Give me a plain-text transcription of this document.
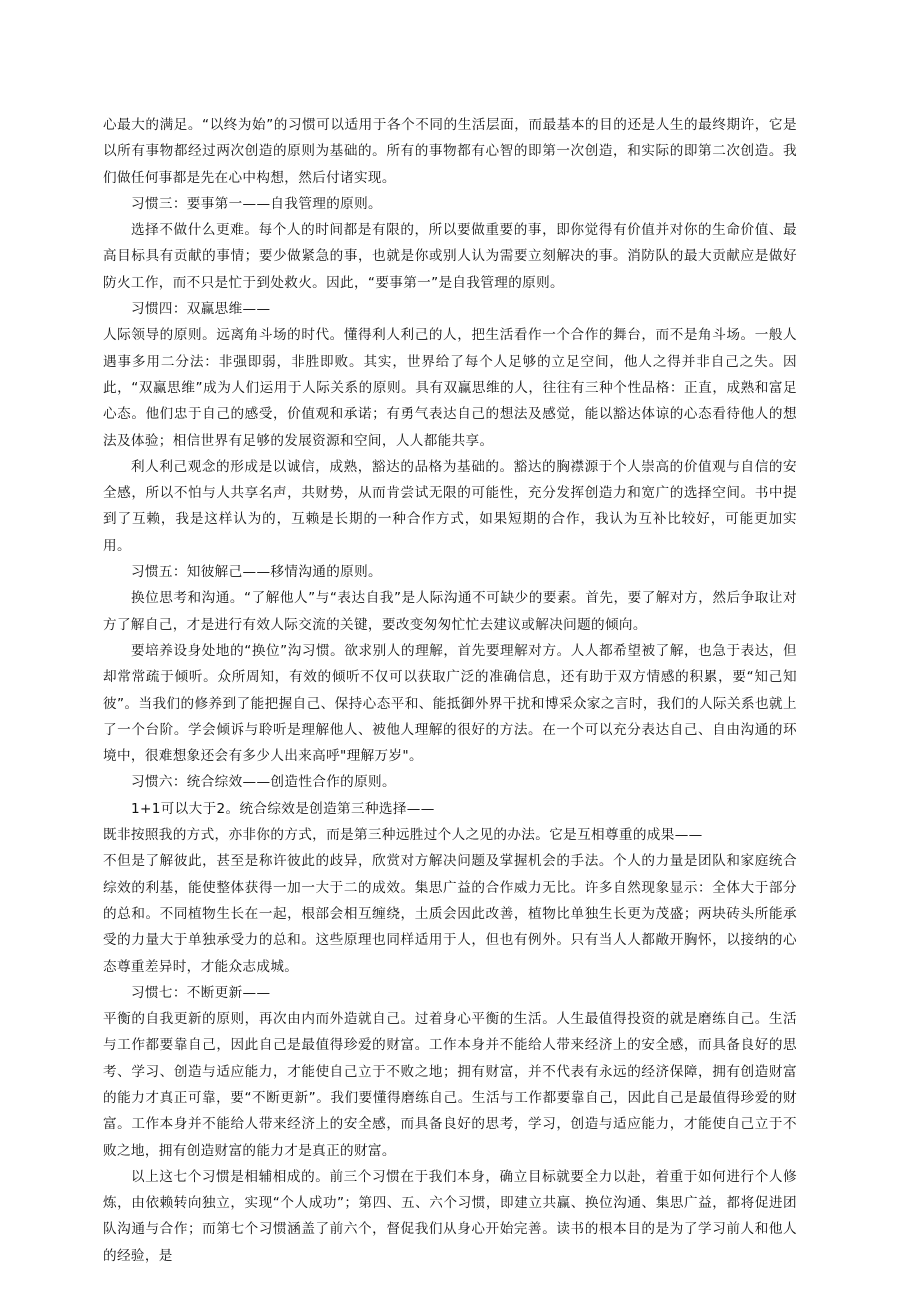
心最大的满足。“以终为始”的习惯可以适用于各个不同的生活层面，而最基本的目的还是人生的最终期许，它是以所有事物都经过两次创造的原则为基础的。所有的事物都有心智的即第一次创造，和实际的即第二次创造。我们做任何事都是先在心中构想，然后付诸实现。

习惯三：要事第一——自我管理的原则。

选择不做什么更难。每个人的时间都是有限的，所以要做重要的事，即你觉得有价值并对你的生命价值、最高目标具有贡献的事情；要少做紧急的事，也就是你或别人认为需要立刻解决的事。消防队的最大贡献应是做好防火工作，而不只是忙于到处救火。因此，“要事第一”是自我管理的原则。

习惯四：双赢思维——

人际领导的原则。远离角斗场的时代。懂得利人利己的人，把生活看作一个合作的舞台，而不是角斗场。一般人遇事多用二分法：非强即弱，非胜即败。其实，世界给了每个人足够的立足空间，他人之得并非自己之失。因此，“双赢思维”成为人们运用于人际关系的原则。具有双赢思维的人，往往有三种个性品格：正直，成熟和富足心态。他们忠于自己的感受，价值观和承诺；有勇气表达自己的想法及感觉，能以豁达体谅的心态看待他人的想法及体验；相信世界有足够的发展资源和空间，人人都能共享。

利人利己观念的形成是以诚信，成熟，豁达的品格为基础的。豁达的胸襟源于个人崇高的价值观与自信的安全感，所以不怕与人共享名声，共财势，从而肯尝试无限的可能性，充分发挥创造力和宽广的选择空间。书中提到了互赖，我是这样认为的，互赖是长期的一种合作方式，如果短期的合作，我认为互补比较好，可能更加实用。

习惯五：知彼解己——移情沟通的原则。

换位思考和沟通。“了解他人”与“表达自我”是人际沟通不可缺少的要素。首先，要了解对方，然后争取让对方了解自己，才是进行有效人际交流的关键，要改变匆匆忙忙去建议或解决问题的倾向。

要培养设身处地的“换位”沟习惯。欲求别人的理解，首先要理解对方。人人都希望被了解，也急于表达，但却常常疏于倾听。众所周知，有效的倾听不仅可以获取广泛的准确信息，还有助于双方情感的积累，要“知己知彼”。当我们的修养到了能把握自己、保持心态平和、能抵御外界干扰和博采众家之言时，我们的人际关系也就上了一个台阶。学会倾诉与聆听是理解他人、被他人理解的很好的方法。在一个可以充分表达自己、自由沟通的环境中，很难想象还会有多少人出来高呼"理解万岁"。

习惯六：统合综效——创造性合作的原则。

1+1可以大于2。统合综效是创造第三种选择——

既非按照我的方式，亦非你的方式，而是第三种远胜过个人之见的办法。它是互相尊重的成果——

不但是了解彼此，甚至是称许彼此的歧异，欣赏对方解决问题及掌握机会的手法。个人的力量是团队和家庭统合综效的利基，能使整体获得一加一大于二的成效。集思广益的合作威力无比。许多自然现象显示：全体大于部分的总和。不同植物生长在一起，根部会相互缠绕，土质会因此改善，植物比单独生长更为茂盛；两块砖头所能承受的力量大于单独承受力的总和。这些原理也同样适用于人，但也有例外。只有当人人都敞开胸怀，以接纳的心态尊重差异时，才能众志成城。

习惯七：不断更新——

平衡的自我更新的原则，再次由内而外造就自己。过着身心平衡的生活。人生最值得投资的就是磨练自己。生活与工作都要靠自己，因此自己是最值得珍爱的财富。工作本身并不能给人带来经济上的安全感，而具备良好的思考、学习、创造与适应能力，才能使自己立于不败之地；拥有财富，并不代表有永远的经济保障，拥有创造财富的能力才真正可靠，要“不断更新”。我们要懂得磨练自己。生活与工作都要靠自己，因此自己是最值得珍爱的财富。工作本身并不能给人带来经济上的安全感，而具备良好的思考，学习，创造与适应能力，才能使自己立于不败之地，拥有创造财富的能力才是真正的财富。

以上这七个习惯是相辅相成的。前三个习惯在于我们本身，确立目标就要全力以赴，着重于如何进行个人修炼，由依赖转向独立，实现“个人成功”；第四、五、六个习惯，即建立共赢、换位沟通、集思广益，都将促进团队沟通与合作；而第七个习惯涵盖了前六个，督促我们从身心开始完善。读书的根本目的是为了学习前人和他人的经验，是
